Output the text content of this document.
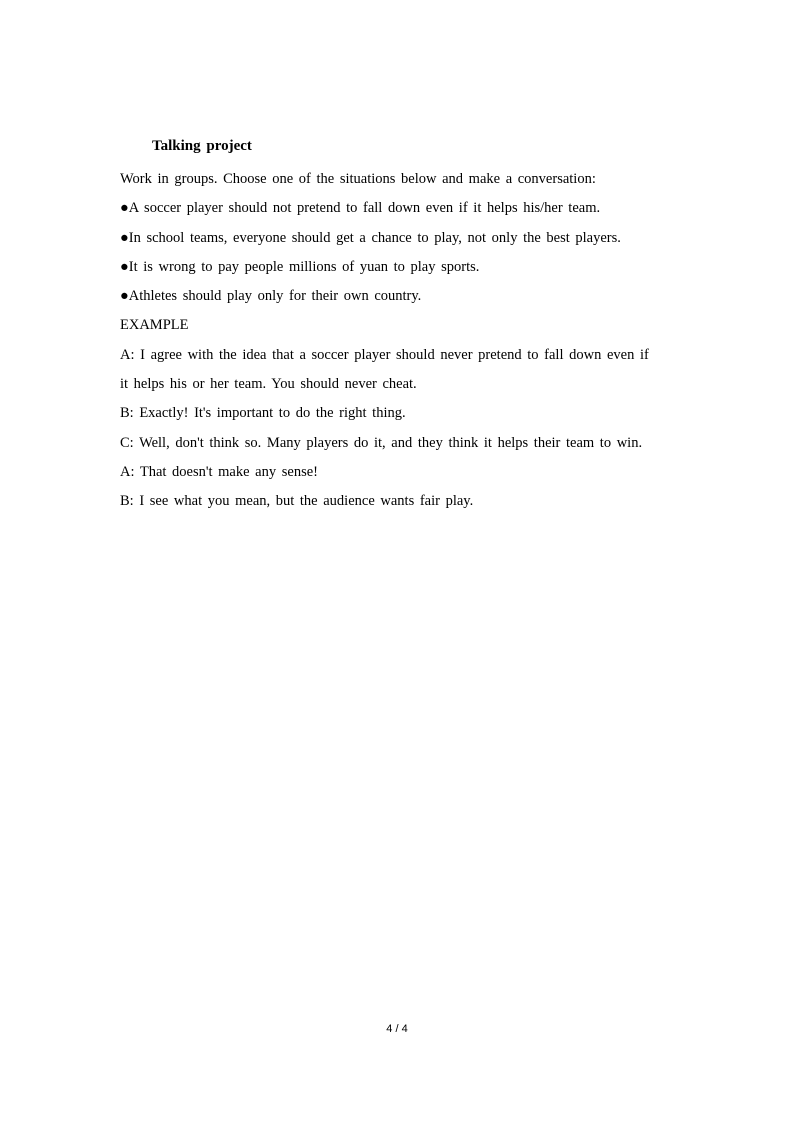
Talking project
Work in groups. Choose one of the situations below and make a conversation:
●A soccer player should not pretend to fall down even if it helps his/her team.
●In school teams, everyone should get a chance to play, not only the best players.
●It is wrong to pay people millions of yuan to play sports.
●Athletes should play only for their own country.
EXAMPLE
A: I agree with the idea that a soccer player should never pretend to fall down even if
it helps his or her team. You should never cheat.
B: Exactly! It's important to do the right thing.
C: Well, don't think so. Many players do it, and they think it helps their team to win.
A: That doesn't make any sense!
B: I see what you mean, but the audience wants fair play.
4 / 4
